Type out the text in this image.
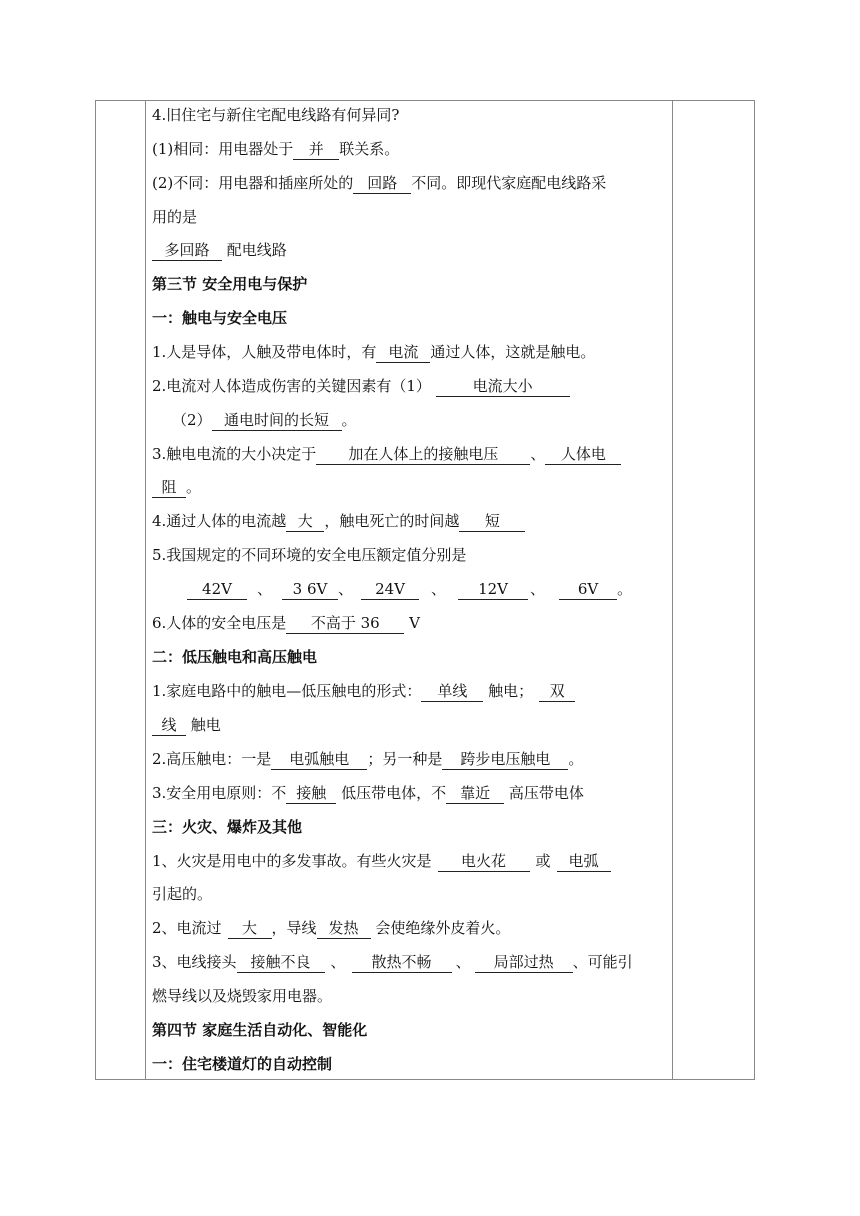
4.旧住宅与新住宅配电线路有何异同?
(1)相同：用电器处于 并 联关系。
(2)不同：用电器和插座所处的 回路 不同。即现代家庭配电线路采
用的是
多回路 配电线路
第三节 安全用电与保护
一：触电与安全电压
1.人是导体，人触及带电体时，有 电流 通过人体，这就是触电。
2.电流对人体造成伤害的关键因素有（1）	电流大小
（2） 通电时间的长短 。
3.触电电流的大小决定于 加在人体上的接触电压 、 人体电
阻 。
4.通过人体的电流越 大 ，触电死亡的时间越 短
5.我国规定的不同环境的安全电压额定值分别是
42V 、 3 6V 、 24V 、 12V 、 6V 。
6.人体的安全电压是 不高于 36 V
二：低压触电和高压触电
1.家庭电路中的触电—低压触电的形式： 单线 触电； 双
线 触电
2.高压触电：一是 电弧触电 ；另一种是 跨步电压触电 。
3.安全用电原则：不 接触 低压带电体，不 靠近 高压带电体
三：火灾、爆炸及其他
1、火灾是用电中的多发事故。有些火灾是 电火花 或 电弧
引起的。
2、电流过 大 ，导线 发热 会使绝缘外皮着火。
3、电线接头 接触不良 、 散热不畅 、 局部过热 、可能引
燃导线以及烧毁家用电器。
第四节 家庭生活自动化、智能化
一：住宅楼道灯的自动控制
